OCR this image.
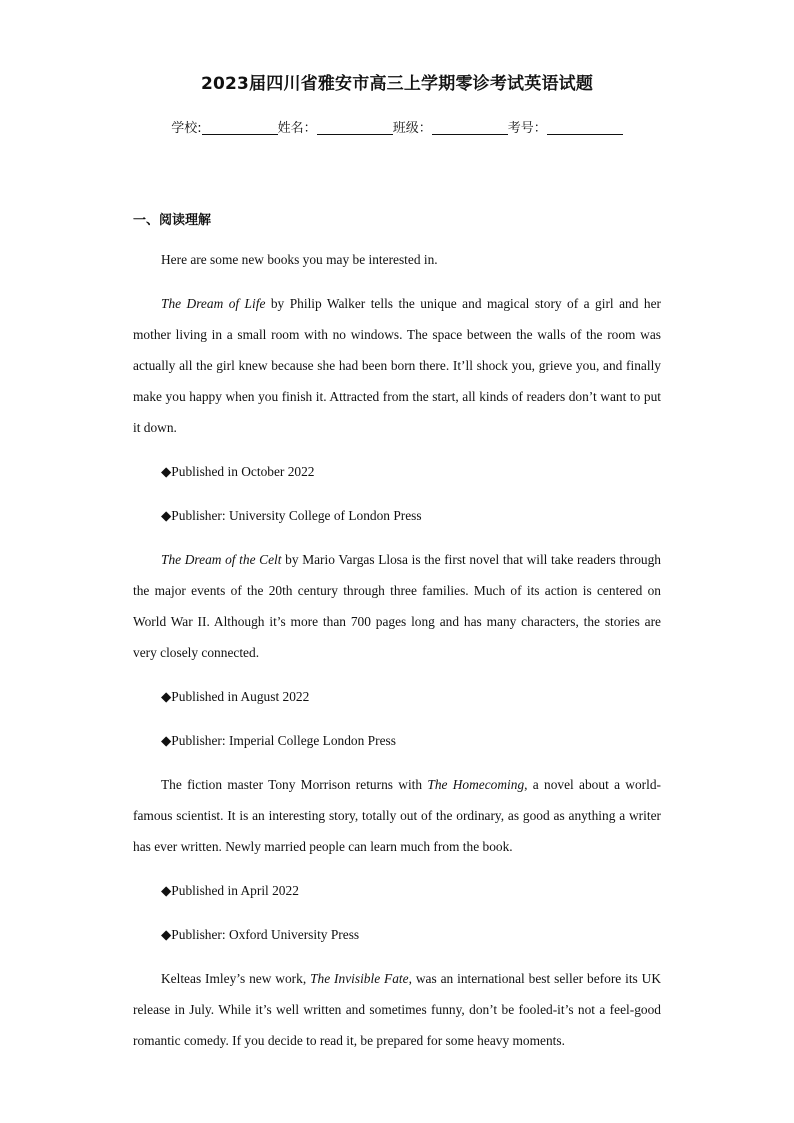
2023届四川省雅安市高三上学期零诊考试英语试题
学校:	姓名：	班级：	考号：
一、阅读理解

Here are some new books you may be interested in.

The Dream of Life by Philip Walker tells the unique and magical story of a girl and her mother living in a small room with no windows. The space between the walls of the room was actually all the girl knew because she had been born there. It’ll shock you, grieve you, and finally make you happy when you finish it. Attracted from the start, all kinds of readers don’t want to put it down.

◆Published in October 2022

◆Publisher: University College of London Press

The Dream of the Celt by Mario Vargas Llosa is the first novel that will take readers through the major events of the 20th century through three families. Much of its action is centered on World War II. Although it’s more than 700 pages long and has many characters, the stories are very closely connected.

◆Published in August 2022

◆Publisher: Imperial College London Press

The fiction master Tony Morrison returns with The Homecoming, a novel about a world-famous scientist. It is an interesting story, totally out of the ordinary, as good as anything a writer has ever written. Newly married people can learn much from the book.

◆Published in April 2022

◆Publisher: Oxford University Press

Kelteas Imley’s new work, The Invisible Fate, was an international best seller before its UK release in July. While it’s well written and sometimes funny, don’t be fooled-it’s not a feel-good romantic comedy. If you decide to read it, be prepared for some heavy moments.
